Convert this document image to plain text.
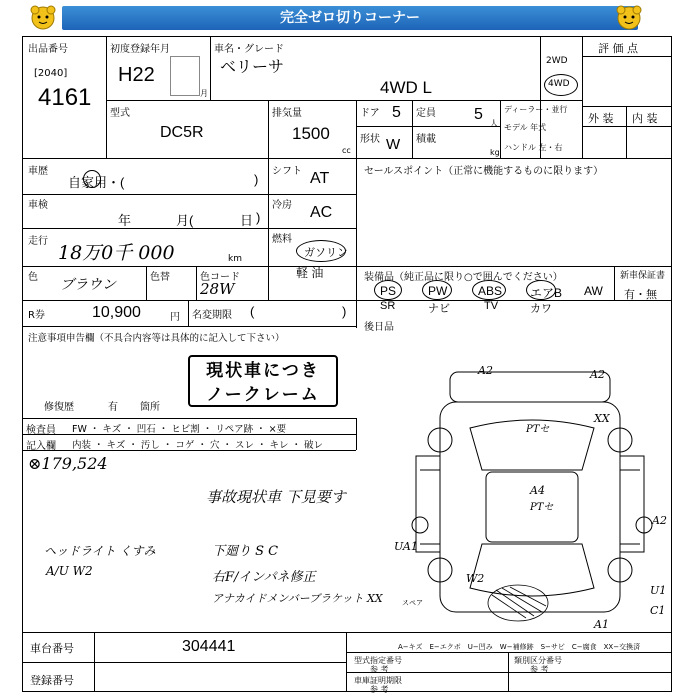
完全ゼロ切りコーナー
出品番号
[2040]
4161
初度登録年月
H22
月
車名・グレード
ベリーサ
4WD L
2WD
4WD
評 価 点
型式
DC5R
排気量
1500
cc
ドア 5
形状 W
定員 5
人
積載
kg
ディーラー・並行
モデル 年式
ハンドル 左・右
外 装 内 装
車歴
自家用・(	)
シフト AT	セールスポイント（正常に機能するものに限ります）
車検
年	月(	日 )
冷房 AC
走行
18万0千 000	km
燃料
ガソリン
軽 油
色 ブラウン	色替	色コード
28W
装備品（純正品に限り○で囲んでください）	新車保証書
有・無
PS	PW	ABS エアB AW
SR	ナビ	TV	カワ
R券	10,900	円 名変期限 (	)
後日品
注意事項申告欄（不具合内容等は具体的に記入して下さい）
現状車につき
ノークレーム
修復歴	有 箇所
検査員 FW ・ キズ ・ 凹石 ・ ヒビ割 ・ リペア跡 ・ ×要
記入欄 内装 ・ キズ ・ 汚し ・ コゲ ・ 穴 ・ スレ ・ キレ ・ 破レ
⊗179,524
事故現状車 下見要す
ヘッドライト くすみ
A/U W2
下廻り S C
右F/インパネ修正
アナカイドメンバーブラケット XX
A2	A2
XX
PTセ
A4
PTセ
A2
UA1
W2
U1
C1
A1
スペア
車台番号	304441
登録番号
A−キズ　E−エクボ　U−凹み　W−補修跡　S−サビ　C−腐食　XX−交換済
型式指定番号
参 考
類別区分番号
参 考
車庫証明期限
参 考
